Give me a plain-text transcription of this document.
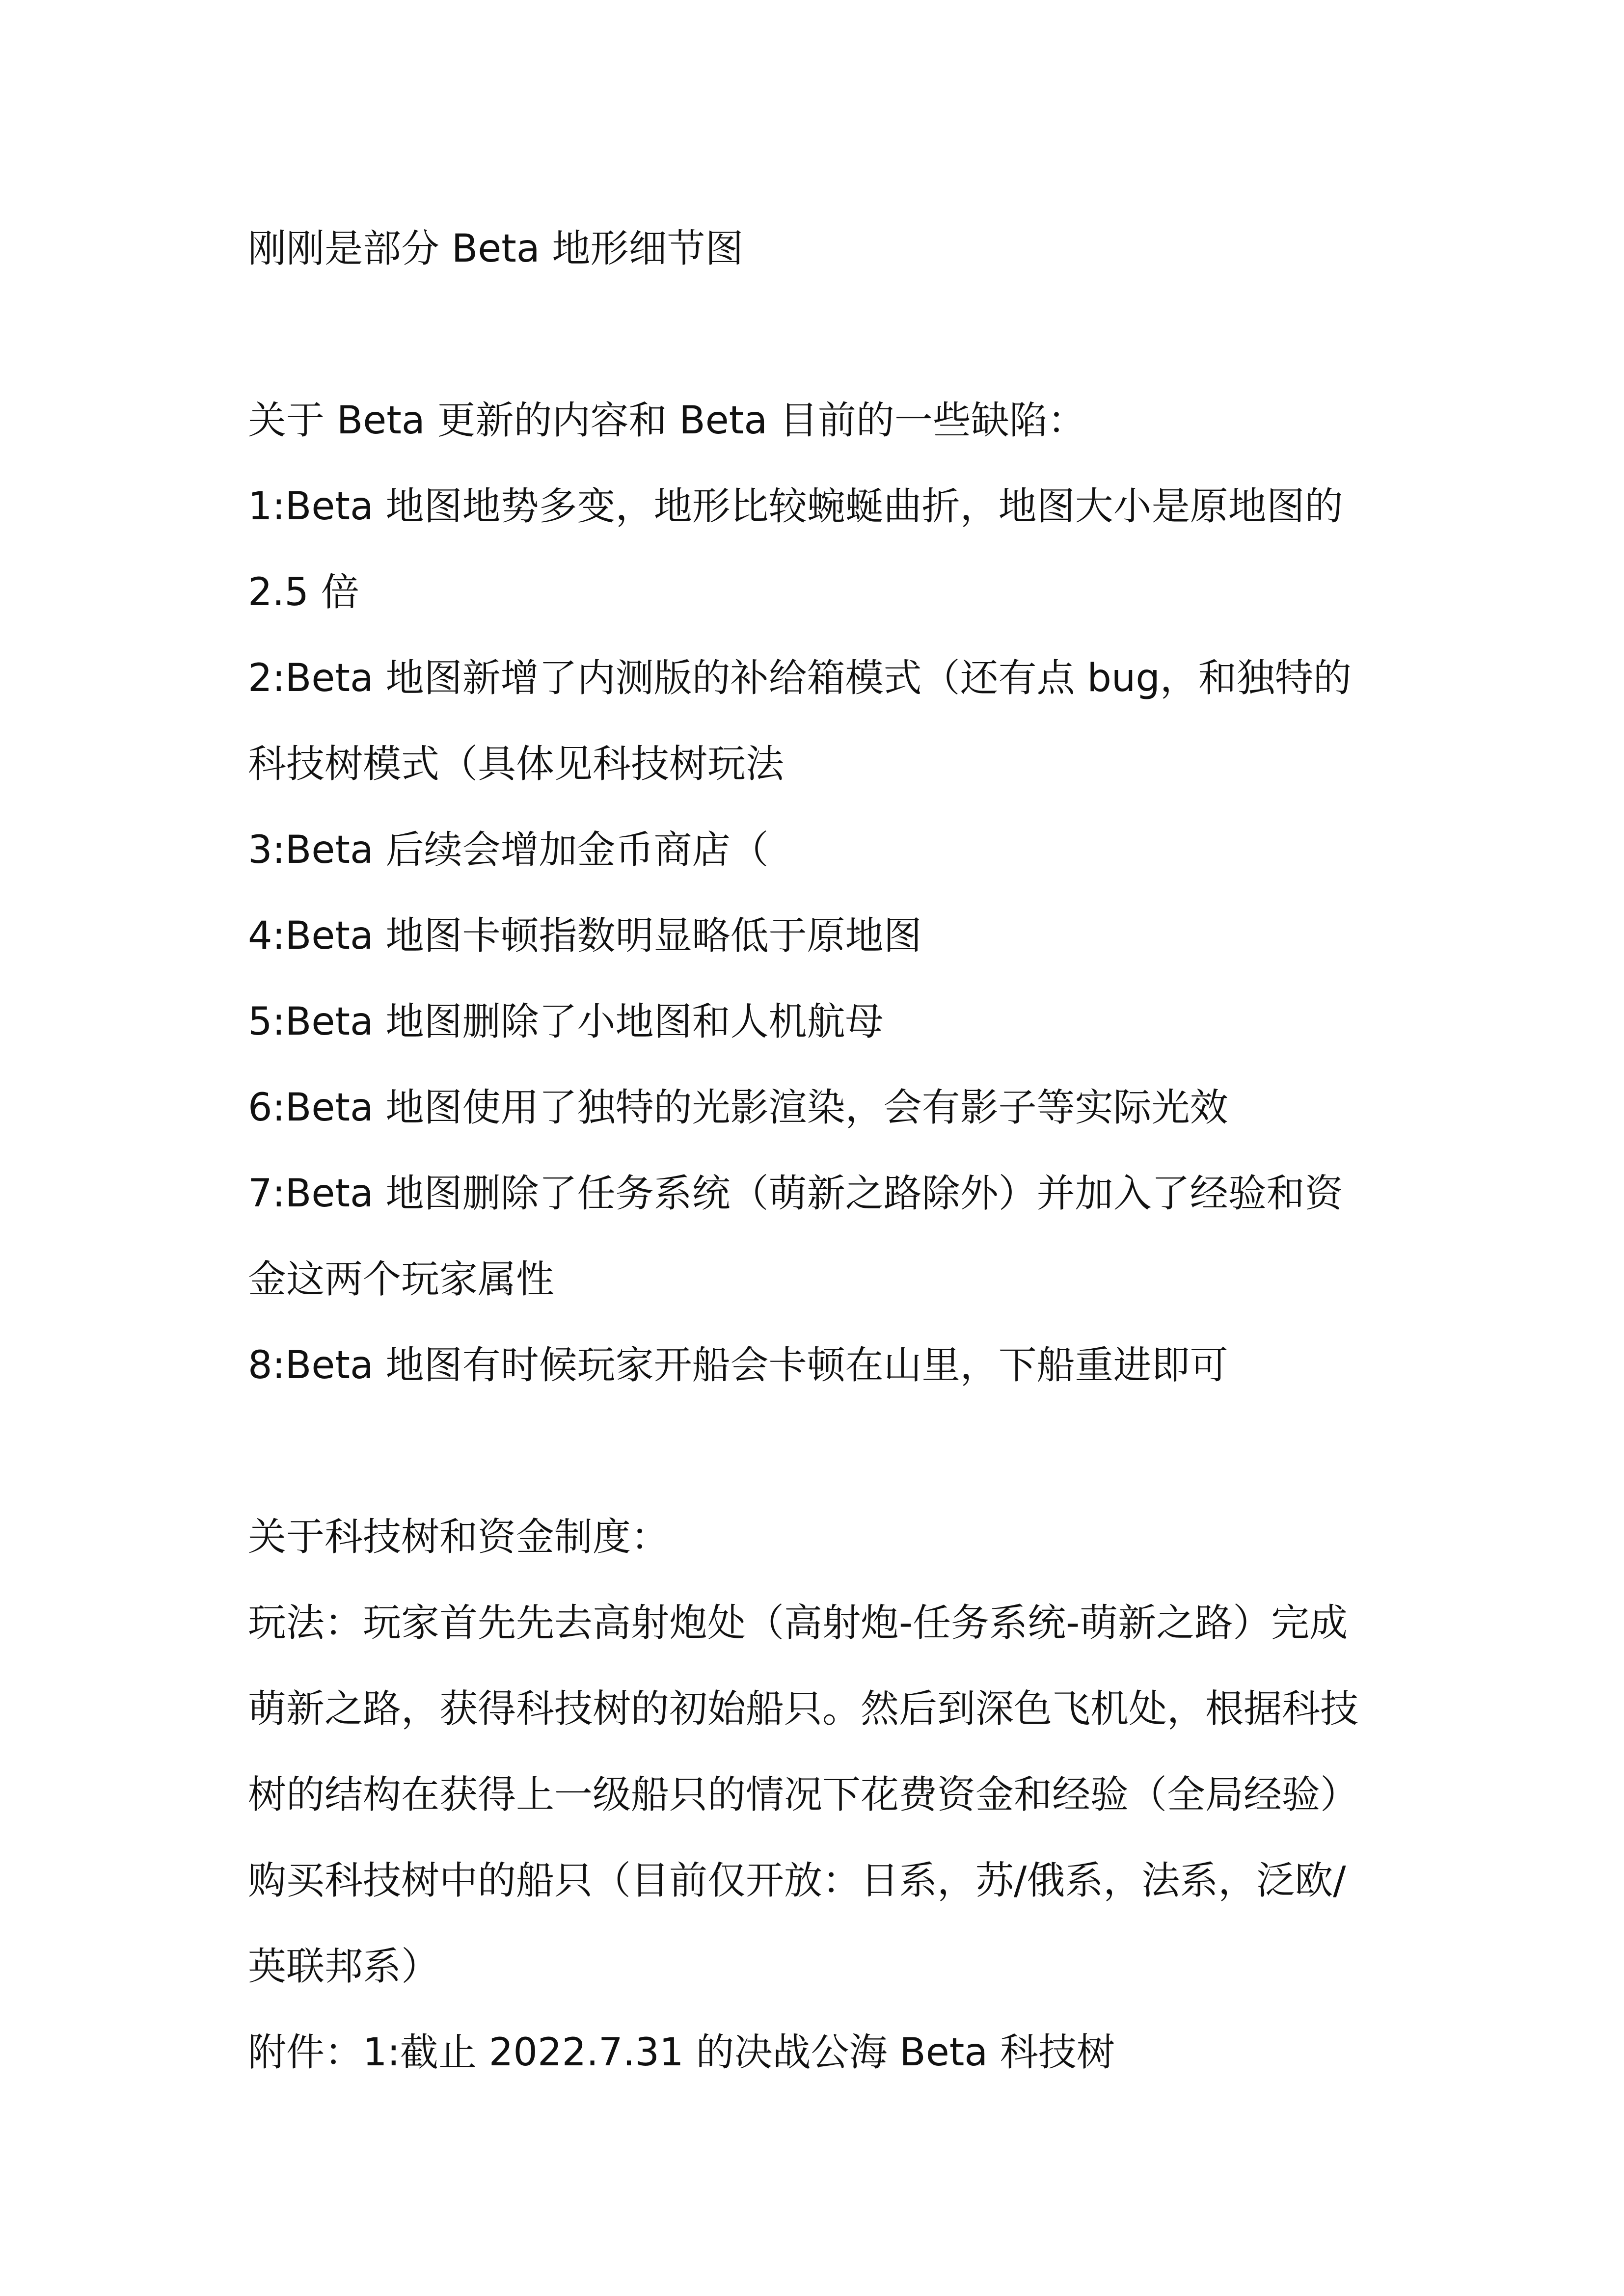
刚刚是部分 Beta 地形细节图

关于 Beta 更新的内容和 Beta 目前的一些缺陷：

1:Beta 地图地势多变，地形比较蜿蜒曲折，地图大小是原地图的 2.5 倍

2:Beta 地图新增了内测版的补给箱模式（还有点 bug，和独特的科技树模式（具体见科技树玩法

3:Beta 后续会增加金币商店（

4:Beta 地图卡顿指数明显略低于原地图

5:Beta 地图删除了小地图和人机航母

6:Beta 地图使用了独特的光影渲染，会有影子等实际光效

7:Beta 地图删除了任务系统（萌新之路除外）并加入了经验和资金这两个玩家属性

8:Beta 地图有时候玩家开船会卡顿在山里，下船重进即可

关于科技树和资金制度：

玩法：玩家首先先去高射炮处（高射炮-任务系统-萌新之路）完成萌新之路，获得科技树的初始船只。然后到深色飞机处，根据科技树的结构在获得上一级船只的情况下花费资金和经验（全局经验）购买科技树中的船只（目前仅开放：日系，苏/俄系，法系，泛欧/英联邦系）

附件：1:截止 2022.7.31 的决战公海 Beta 科技树
